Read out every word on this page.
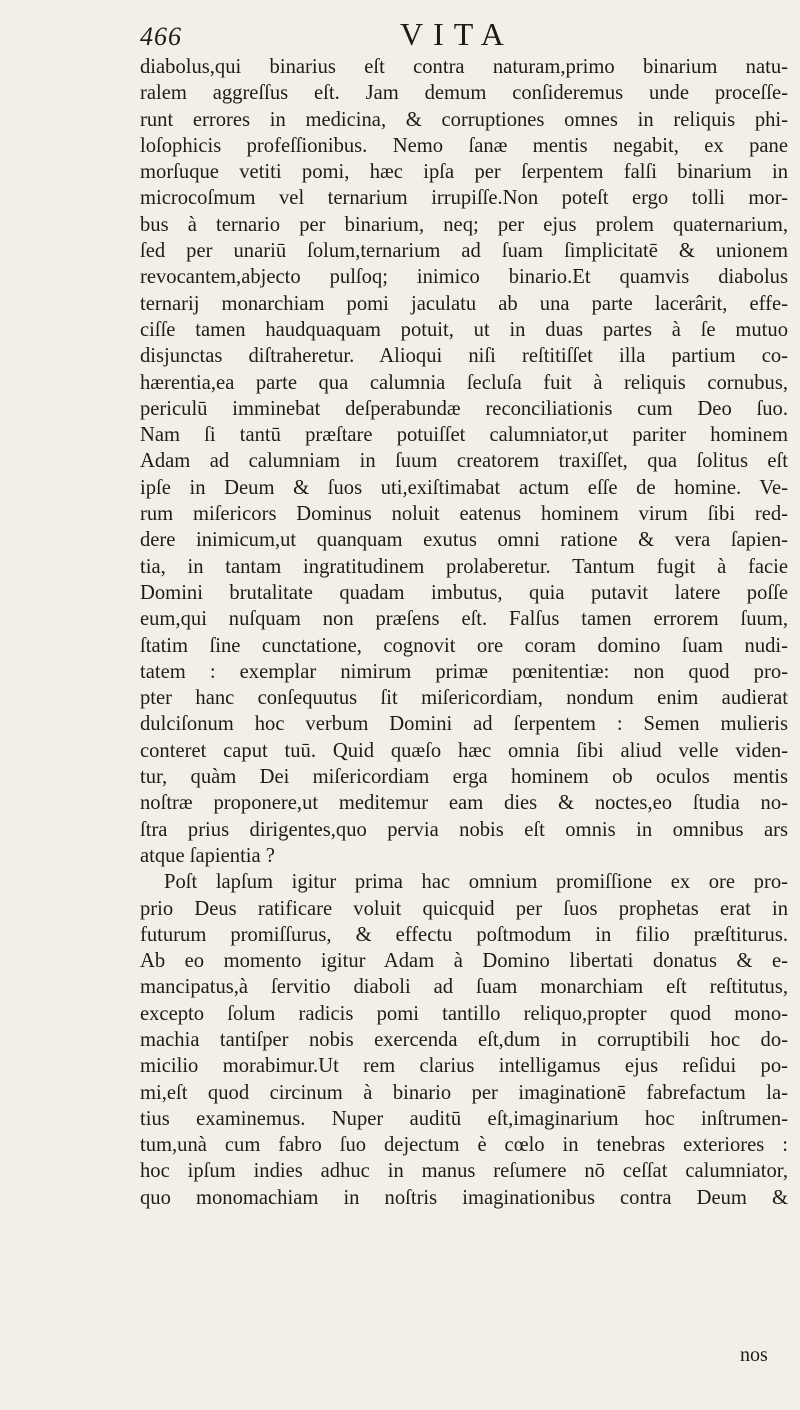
466	VITA
diabolus,qui binarius eſt contra naturam,primo binarium natu-
ralem aggreſſus eſt. Jam demum conſideremus unde proceſſe-
runt errores in medicina, & corruptiones omnes in reliquis phi-
loſophicis profeſſionibus. Nemo ſanæ mentis negabit, ex pane
morſuque vetiti pomi, hæc ipſa per ſerpentem falſi binarium in
microcoſmum vel ternarium irrupiſſe.Non poteſt ergo tolli mor-
bus à ternario per binarium, neq; per ejus prolem quaternarium,
ſed per unariū ſolum,ternarium ad ſuam ſimplicitatē & unionem
revocantem,abjecto pulſoq; inimico binario.Et quamvis diabolus
ternarij monarchiam pomi jaculatu ab una parte lacerârit, effe-
ciſſe tamen haudquaquam potuit, ut in duas partes à ſe mutuo
disjunctas diſtraheretur. Alioqui niſi reſtitiſſet illa partium co-
hærentia,ea parte qua calumnia ſecluſa fuit à reliquis cornubus,
periculū imminebat deſperabundæ reconciliationis cum Deo ſuo.
Nam ſi tantū præſtare potuiſſet calumniator,ut pariter hominem
Adam ad calumniam in ſuum creatorem traxiſſet, qua ſolitus eſt
ipſe in Deum & ſuos uti,exiſtimabat actum eſſe de homine. Ve-
rum miſericors Dominus noluit eatenus hominem virum ſibi red-
dere inimicum,ut quanquam exutus omni ratione & vera ſapien-
tia, in tantam ingratitudinem prolaberetur. Tantum fugit à facie
Domini brutalitate quadam imbutus, quia putavit latere poſſe
eum,qui nuſquam non præſens eſt. Falſus tamen errorem ſuum,
ſtatim ſine cunctatione, cognovit ore coram domino ſuam nudi-
tatem : exemplar nimirum primæ pœnitentiæ: non quod pro-
pter hanc conſequutus ſit miſericordiam, nondum enim audierat
dulciſonum hoc verbum Domini ad ſerpentem : Semen mulieris
conteret caput tuū. Quid quæſo hæc omnia ſibi aliud velle viden-
tur, quàm Dei miſericordiam erga hominem ob oculos mentis
noſtræ proponere,ut meditemur eam dies & noctes,eo ſtudia no-
ſtra prius dirigentes,quo pervia nobis eſt omnis in omnibus ars
atque ſapientia ?
Poſt lapſum igitur prima hac omnium promiſſione ex ore pro-
prio Deus ratificare voluit quicquid per ſuos prophetas erat in
futurum promiſſurus, & effectu poſtmodum in filio præſtiturus.
Ab eo momento igitur Adam à Domino libertati donatus & e-
mancipatus,à ſervitio diaboli ad ſuam monarchiam eſt reſtitutus,
excepto ſolum radicis pomi tantillo reliquo,propter quod mono-
machia tantiſper nobis exercenda eſt,dum in corruptibili hoc do-
micilio morabimur.Ut rem clarius intelligamus ejus reſidui po-
mi,eſt quod circinum à binario per imaginationē fabrefactum la-
tius examinemus. Nuper auditū eſt,imaginarium hoc inſtrumen-
tum,unà cum fabro ſuo dejectum è cœlo in tenebras exteriores :
hoc ipſum indies adhuc in manus reſumere nō ceſſat calumniator,
quo monomachiam in noſtris imaginationibus contra Deum &
nos
